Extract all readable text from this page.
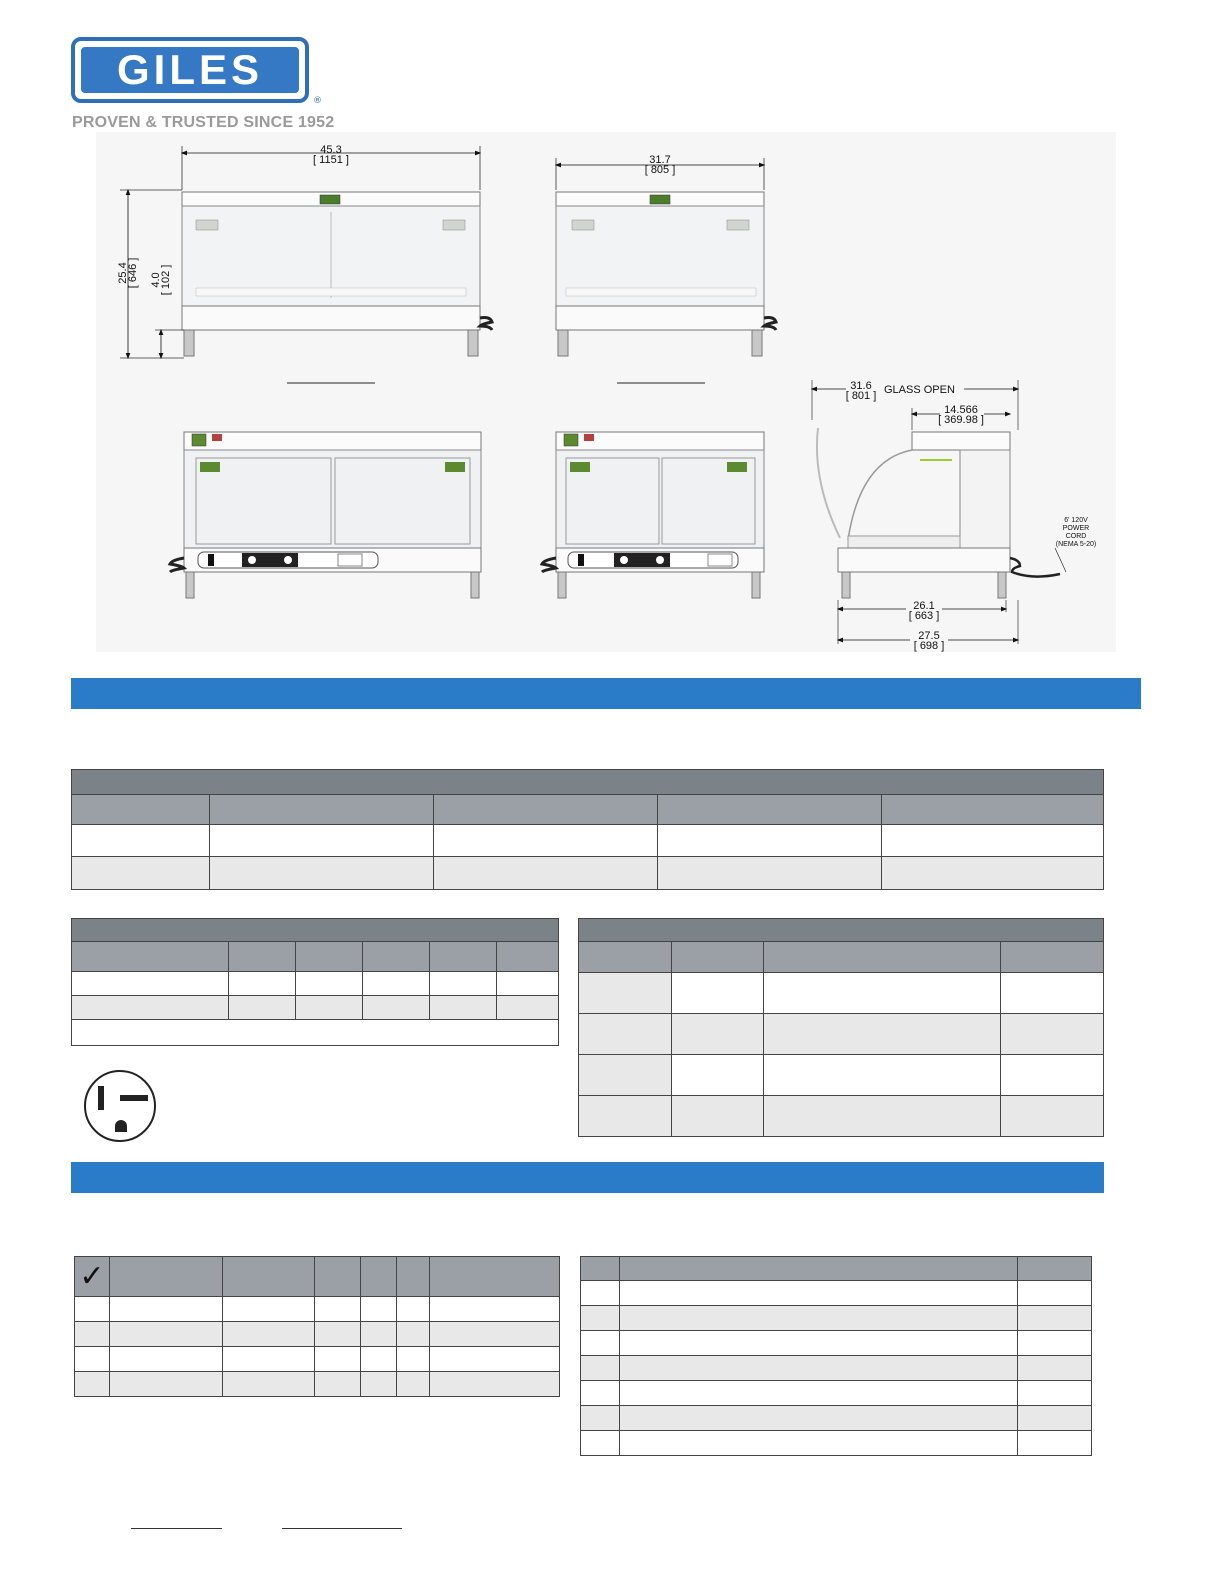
GILES
®
PROVEN & TRUSTED SINCE 1952
45.3
[ 1151 ]
25.4
[ 646 ] 4.0
[ 102 ]
31.7
[ 805 ]
31.6
[ 801 ] GLASS OPEN
14.566
[ 369.98 ]
6' 120V
POWER
CORD
(NEMA 5-20)
26.1
[ 663 ]
27.5
[ 698 ]

✓						
